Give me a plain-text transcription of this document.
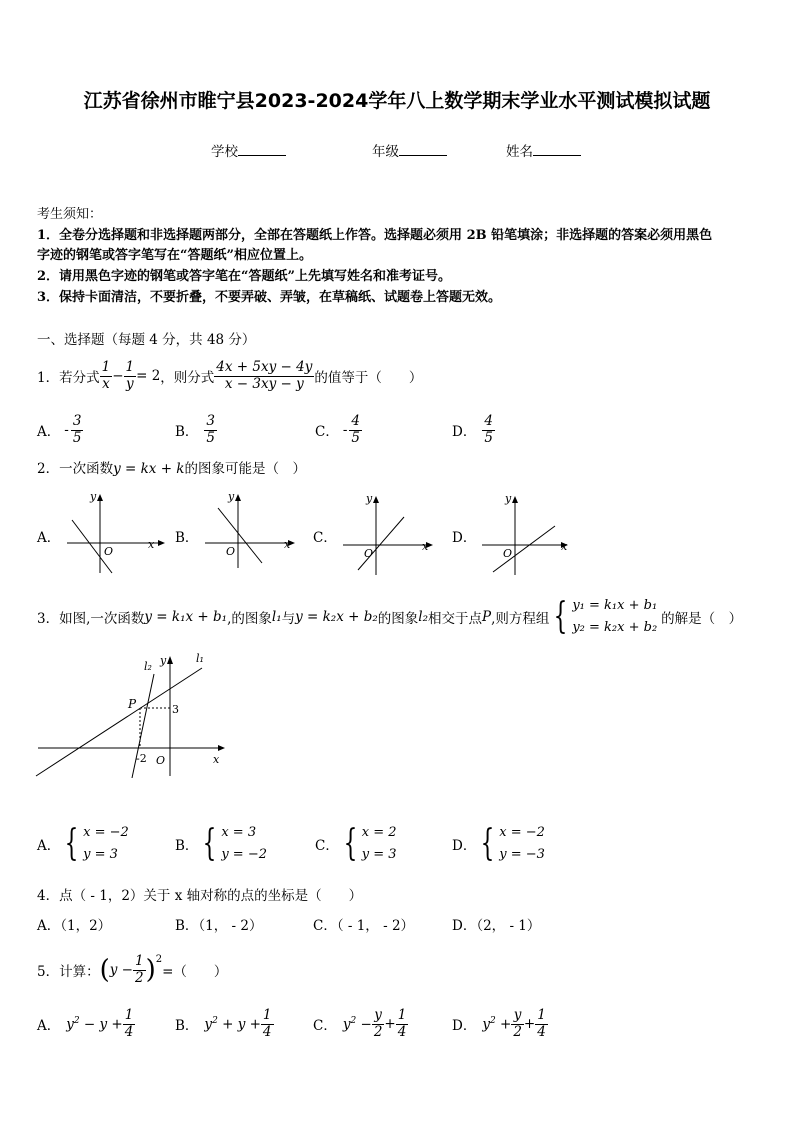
江苏省徐州市睢宁县2023-2024学年八上数学期末学业水平测试模拟试题
学校	年级	姓名
考生须知：
1．全卷分选择题和非选择题两部分，全部在答题纸上作答。选择题必须用 2B 铅笔填涂；非选择题的答案必须用黑色
字迹的钢笔或答字笔写在“答题纸”相应位置上。
2．请用黑色字迹的钢笔或答字笔在“答题纸”上先填写姓名和准考证号。
3．保持卡面清洁，不要折叠，不要弄破、弄皱，在草稿纸、试题卷上答题无效。
一、选择题（每题 4 分，共 48 分）
1．若分式 $\frac{1}{x} - \frac{1}{y} = 2$ ，则分式 $\frac{4x + 5xy - 4y}{x - 3xy - y}$ 的值等于（　　）
A． - $\frac{3}{5}$	B． $\frac{3}{5}$	C． - $\frac{4}{5}$	D． $\frac{4}{5}$
2．一次函数y = kx + k的图象可能是（　）
A．	x
y
O
B．	x
y
O
C．
x
y
O
D．
x
y
O
3．如图,一次函数 y = k₁x + b₁ ,的图象 l₁ 与 y = k₂x + b₂ 的图象 l₂ 相交于点 P ,则方程组 { y₁ = k₁x + b₁
y₂ = k₂x + b₂
的解是（　）
l₂ y	l₁
P	3
-2 O	x
A． { x = −2
y = 3
B． { x = 3
y = −2
C． { x = 2
y = 3
D． { x = −2
y = −3
4．点（ - 1，2）关于 x 轴对称的点的坐标是（　　）
A．（1，2）	B．（1， - 2）	C．（ - 1， - 2）	D．（2， - 1）
5．计算： ( $y - \frac{1}{2} )^2$
=（　　）
A． $y^2 - y + \frac{1}{4}$	B． $y^2 + y + \frac{1}{4}$	C． $y^2 - \frac{y}{2} + \frac{1}{4}$	D． $y^2 + \frac{y}{2} + \frac{1}{4}$
